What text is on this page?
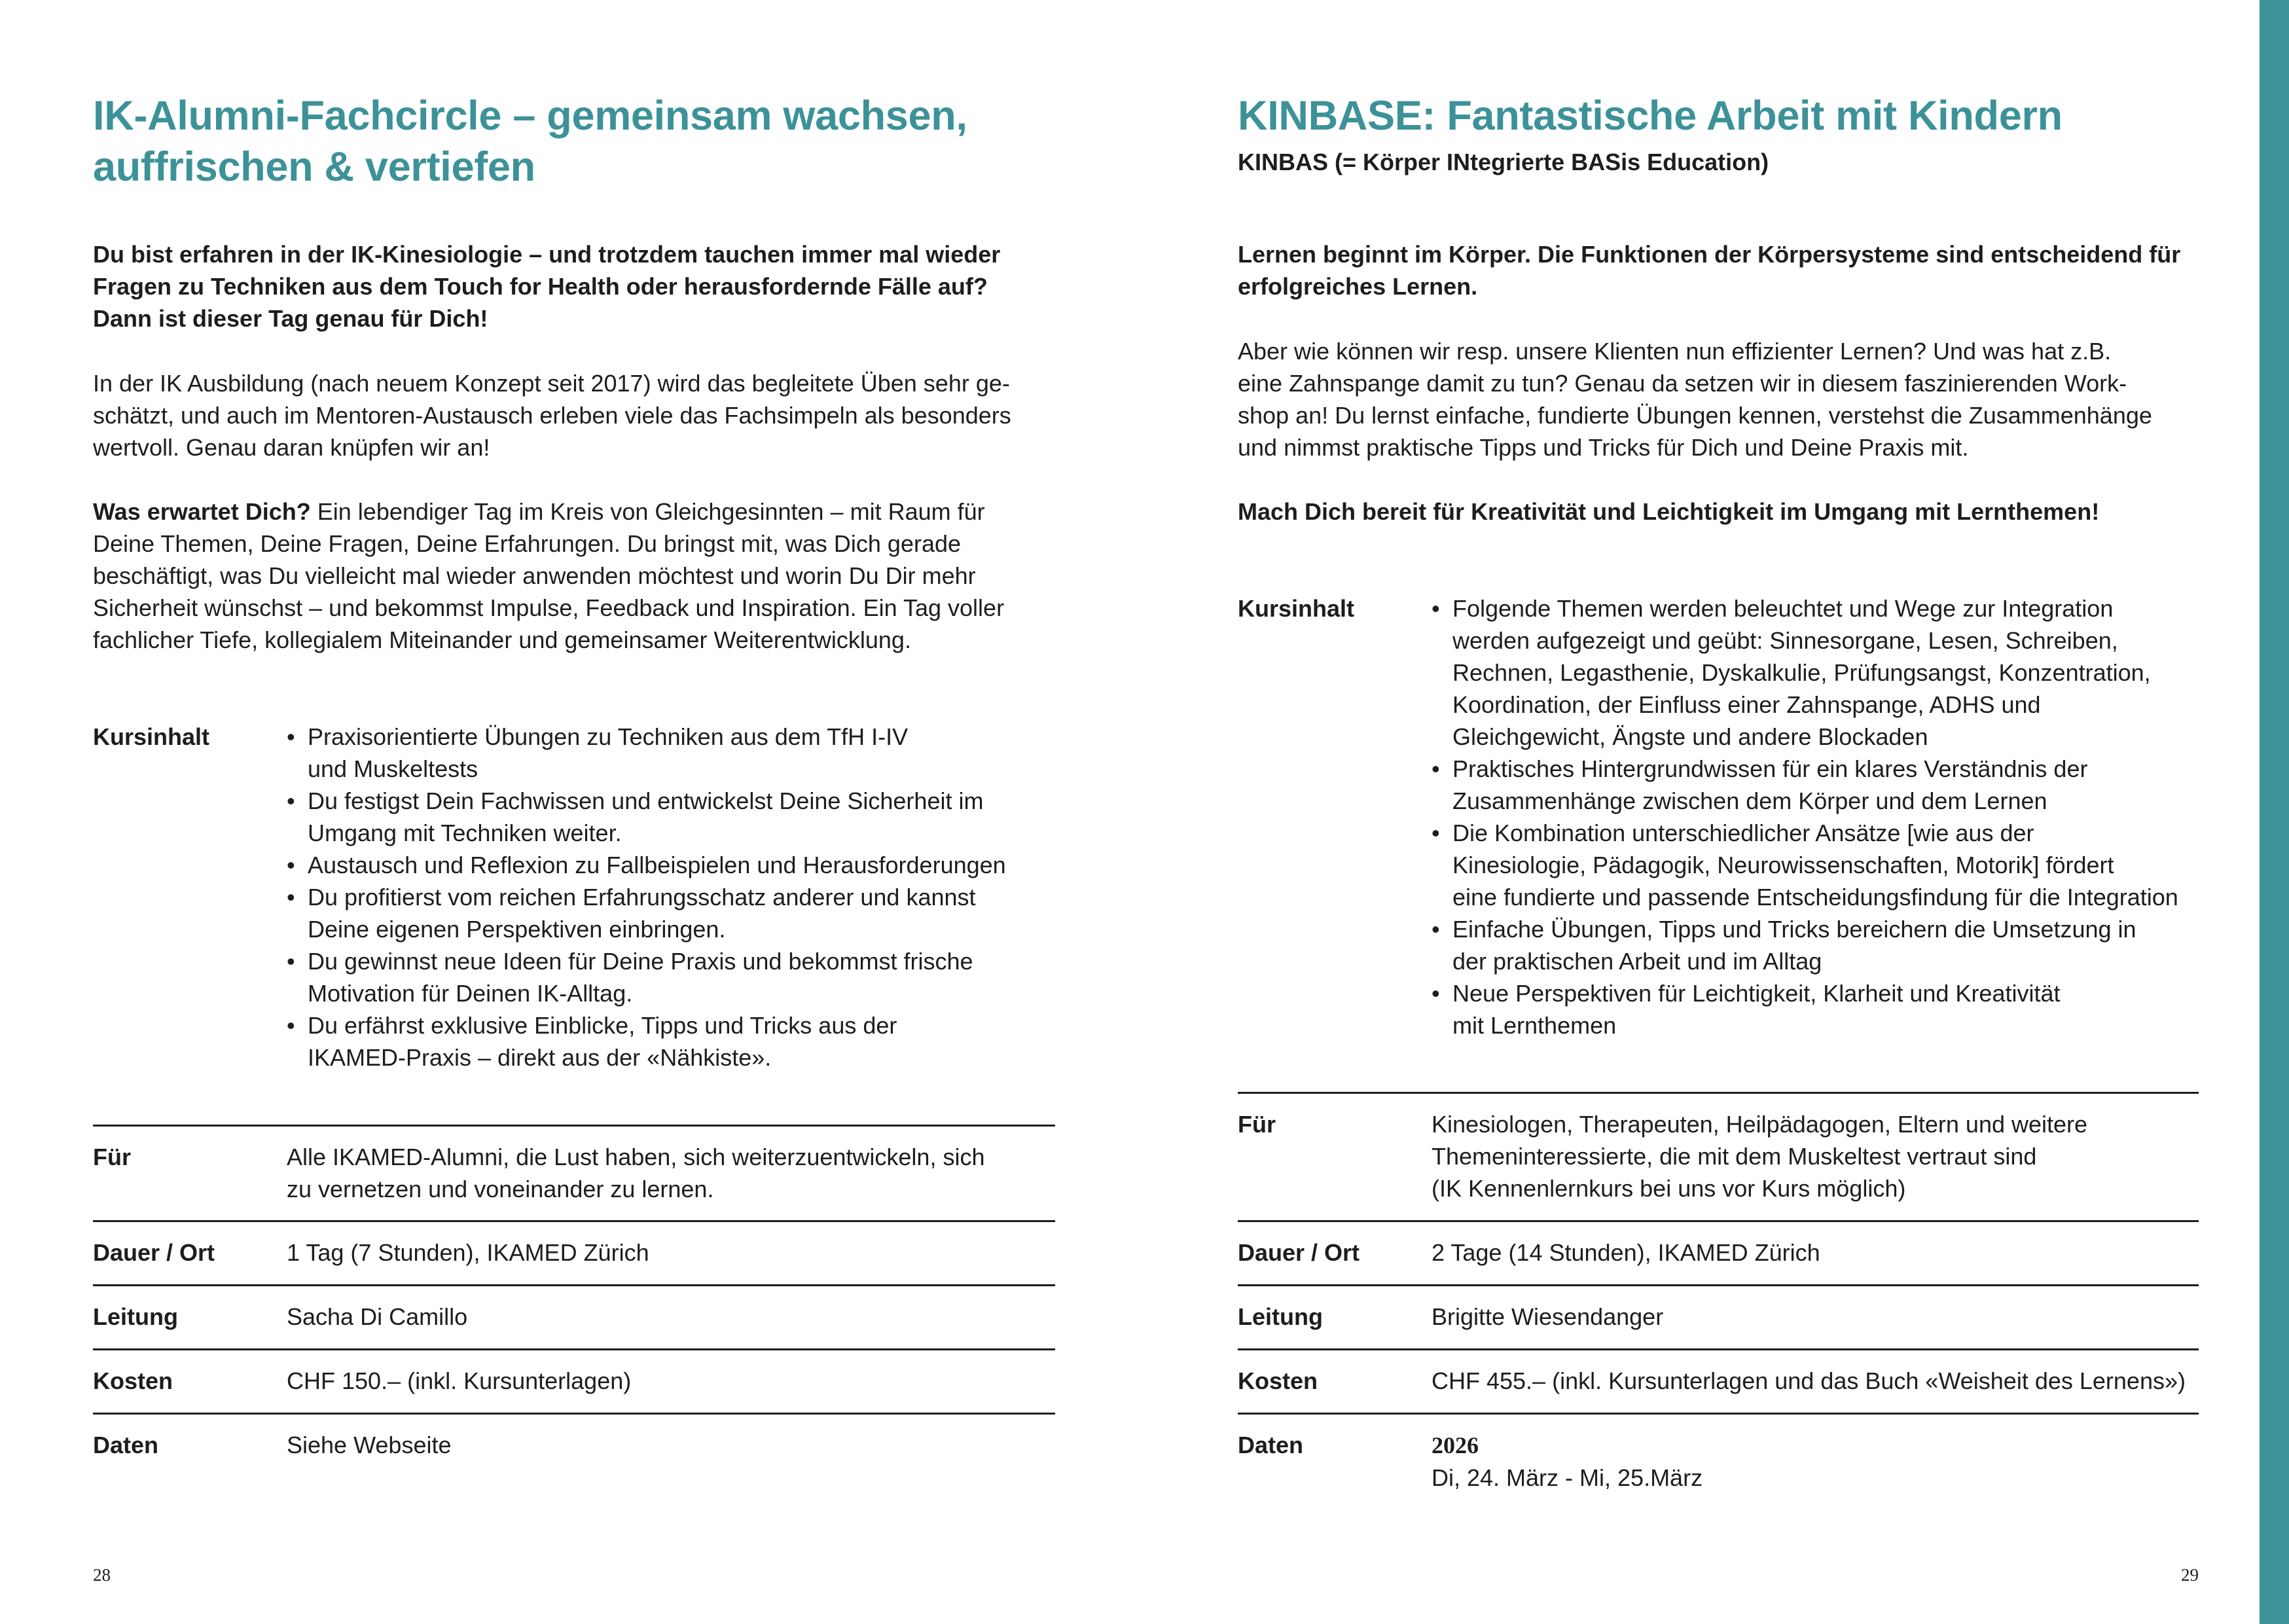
IK-Alumni-Fachcircle – gemeinsam wachsen,
auffrischen & vertiefen

Du bist erfahren in der IK-Kinesiologie – und trotzdem tauchen immer mal wieder

Fragen zu Techniken aus dem Touch for Health oder herausfordernde Fälle auf?

Dann ist dieser Tag genau für Dich!

In der IK Ausbildung (nach neuem Konzept seit 2017) wird das begleitete Üben sehr ge-

schätzt, und auch im Mentoren-Austausch erleben viele das Fachsimpeln als besonders

wertvoll. Genau daran knüpfen wir an!

Was erwartet Dich? Ein lebendiger Tag im Kreis von Gleichgesinnten – mit Raum für

Deine Themen, Deine Fragen, Deine Erfahrungen. Du bringst mit, was Dich gerade

beschäftigt, was Du vielleicht mal wieder anwenden möchtest und worin Du Dir mehr

Sicherheit wünschst – und bekommst Impulse, Feedback und Inspiration. Ein Tag voller

fachlicher Tiefe, kollegialem Miteinander und gemeinsamer Weiterentwicklung.

Kursinhalt	• Praxisorientierte Übungen zu Techniken aus dem TfH I-IV
und Muskeltests
• Du festigst Dein Fachwissen und entwickelst Deine Sicherheit im
Umgang mit Techniken weiter.
• Austausch und Reflexion zu Fallbeispielen und Herausforderungen
• Du profitierst vom reichen Erfahrungsschatz anderer und kannst
Deine eigenen Perspektiven einbringen.
• Du gewinnst neue Ideen für Deine Praxis und bekommst frische
Motivation für Deinen IK-Alltag.
• Du erfährst exklusive Einblicke, Tipps und Tricks aus der
IKAMED-Praxis – direkt aus der «Nähkiste».
Für	Alle IKAMED-Alumni, die Lust haben, sich weiterzuentwickeln, sich
zu vernetzen und voneinander zu lernen.
Dauer / Ort	1 Tag (7 Stunden), IKAMED Zürich
Leitung	Sacha Di Camillo
Kosten	CHF 150.– (inkl. Kursunterlagen)
Daten	Siehe Webseite
28
KINBASE: Fantastische Arbeit mit Kindern
KINBAS (= Körper INtegrierte BASis Education)

Lernen beginnt im Körper. Die Funktionen der Körpersysteme sind entscheidend für

erfolgreiches Lernen.

Aber wie können wir resp. unsere Klienten nun effizienter Lernen? Und was hat z.B.

eine Zahnspange damit zu tun? Genau da setzen wir in diesem faszinierenden Work-

shop an! Du lernst einfache, fundierte Übungen kennen, verstehst die Zusammenhänge

und nimmst praktische Tipps und Tricks für Dich und Deine Praxis mit.

Mach Dich bereit für Kreativität und Leichtigkeit im Umgang mit Lernthemen!

Kursinhalt	• Folgende Themen werden beleuchtet und Wege zur Integration
werden aufgezeigt und geübt: Sinnesorgane, Lesen, Schreiben,
Rechnen, Legasthenie, Dyskalkulie, Prüfungsangst, Konzentration,
Koordination, der Einfluss einer Zahnspange, ADHS und
Gleichgewicht, Ängste und andere Blockaden
• Praktisches Hintergrundwissen für ein klares Verständnis der
Zusammenhänge zwischen dem Körper und dem Lernen
• Die Kombination unterschiedlicher Ansätze [wie aus der
Kinesiologie, Pädagogik, Neurowissenschaften, Motorik] fördert
eine fundierte und passende Entscheidungsfindung für die Integration
• Einfache Übungen, Tipps und Tricks bereichern die Umsetzung in
der praktischen Arbeit und im Alltag
• Neue Perspektiven für Leichtigkeit, Klarheit und Kreativität
mit Lernthemen
Für	Kinesiologen, Therapeuten, Heilpädagogen, Eltern und weitere
Themeninteressierte, die mit dem Muskeltest vertraut sind
(IK Kennenlernkurs bei uns vor Kurs möglich)
Dauer / Ort	2 Tage (14 Stunden), IKAMED Zürich
Leitung	Brigitte Wiesendanger
Kosten	CHF 455.– (inkl. Kursunterlagen und das Buch «Weisheit des Lernens»)
Daten	2026
Di, 24. März - Mi, 25.März
29
